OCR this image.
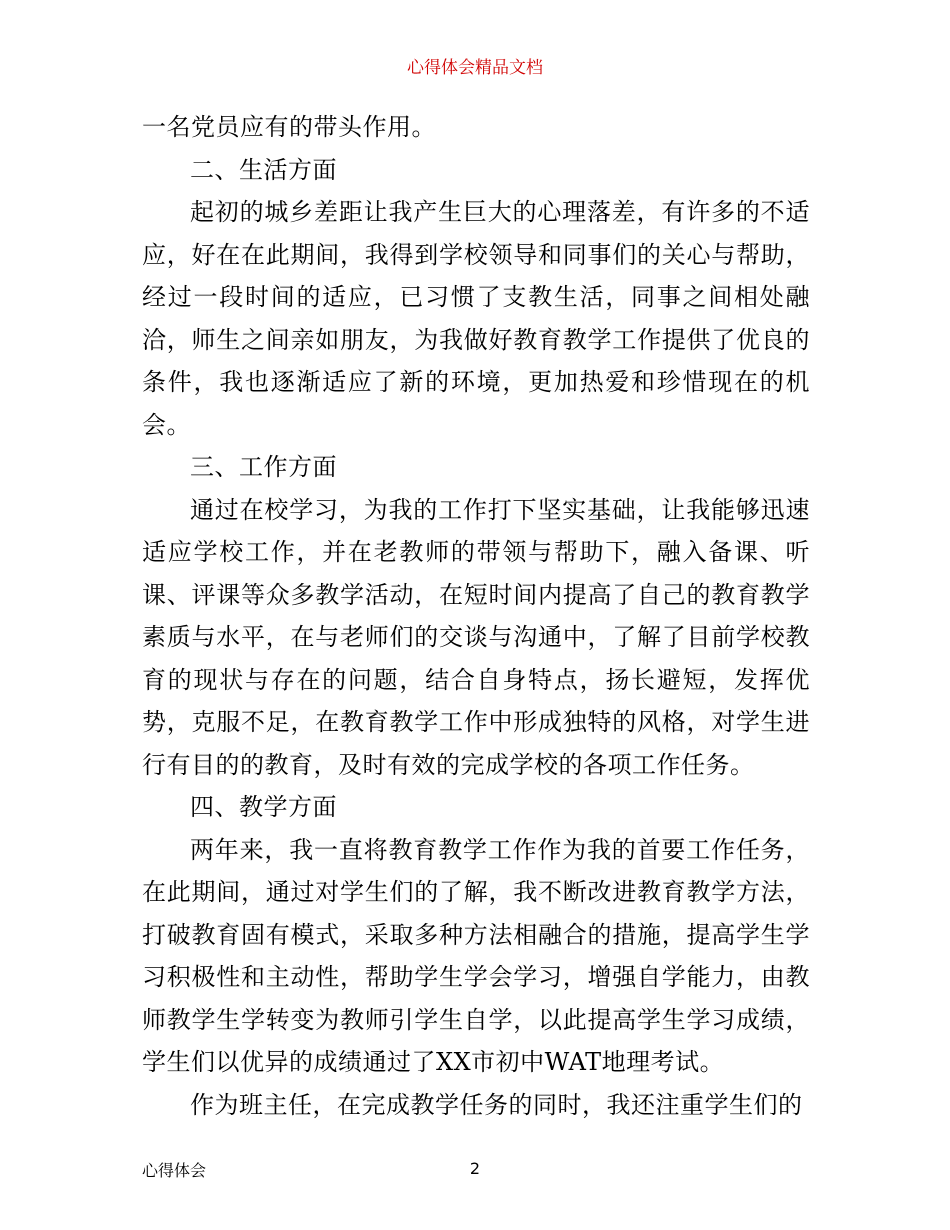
心得体会精品文档

一名党员应有的带头作用。

二、生活方面

起初的城乡差距让我产生巨大的心理落差，有许多的不适应，好在在此期间，我得到学校领导和同事们的关心与帮助，经过一段时间的适应，已习惯了支教生活，同事之间相处融洽，师生之间亲如朋友，为我做好教育教学工作提供了优良的条件，我也逐渐适应了新的环境，更加热爱和珍惜现在的机会。

三、工作方面

通过在校学习，为我的工作打下坚实基础，让我能够迅速适应学校工作，并在老教师的带领与帮助下，融入备课、听课、评课等众多教学活动，在短时间内提高了自己的教育教学素质与水平，在与老师们的交谈与沟通中，了解了目前学校教育的现状与存在的问题，结合自身特点，扬长避短，发挥优势，克服不足，在教育教学工作中形成独特的风格，对学生进行有目的的教育，及时有效的完成学校的各项工作任务。

四、教学方面

两年来，我一直将教育教学工作作为我的首要工作任务，在此期间，通过对学生们的了解，我不断改进教育教学方法，打破教育固有模式，采取多种方法相融合的措施，提高学生学习积极性和主动性，帮助学生学会学习，增强自学能力，由教师教学生学转变为教师引学生自学，以此提高学生学习成绩，学生们以优异的成绩通过了XX市初中WAT地理考试。

作为班主任，在完成教学任务的同时，我还注重学生们的

心得体会	2
